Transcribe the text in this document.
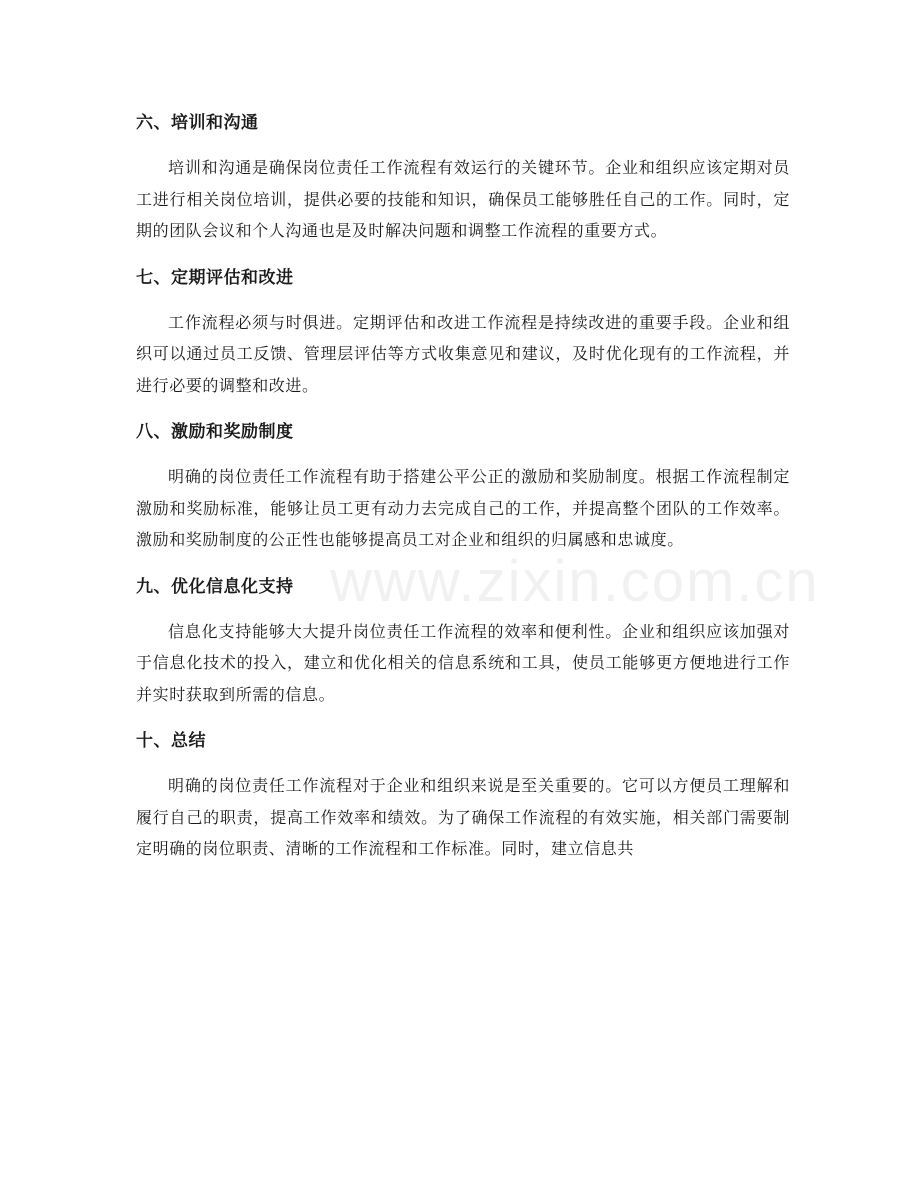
www.zixin.com.cn
六、培训和沟通

培训和沟通是确保岗位责任工作流程有效运行的关键环节。企业和组织应该定期对员工进行相关岗位培训，提供必要的技能和知识，确保员工能够胜任自己的工作。同时，定期的团队会议和个人沟通也是及时解决问题和调整工作流程的重要方式。

七、定期评估和改进

工作流程必须与时俱进。定期评估和改进工作流程是持续改进的重要手段。企业和组织可以通过员工反馈、管理层评估等方式收集意见和建议，及时优化现有的工作流程，并进行必要的调整和改进。

八、激励和奖励制度

明确的岗位责任工作流程有助于搭建公平公正的激励和奖励制度。根据工作流程制定激励和奖励标准，能够让员工更有动力去完成自己的工作，并提高整个团队的工作效率。激励和奖励制度的公正性也能够提高员工对企业和组织的归属感和忠诚度。

九、优化信息化支持

信息化支持能够大大提升岗位责任工作流程的效率和便利性。企业和组织应该加强对于信息化技术的投入，建立和优化相关的信息系统和工具，使员工能够更方便地进行工作并实时获取到所需的信息。

十、总结

明确的岗位责任工作流程对于企业和组织来说是至关重要的。它可以方便员工理解和履行自己的职责，提高工作效率和绩效。为了确保工作流程的有效实施，相关部门需要制定明确的岗位职责、清晰的工作流程和工作标准。同时，建立信息共
